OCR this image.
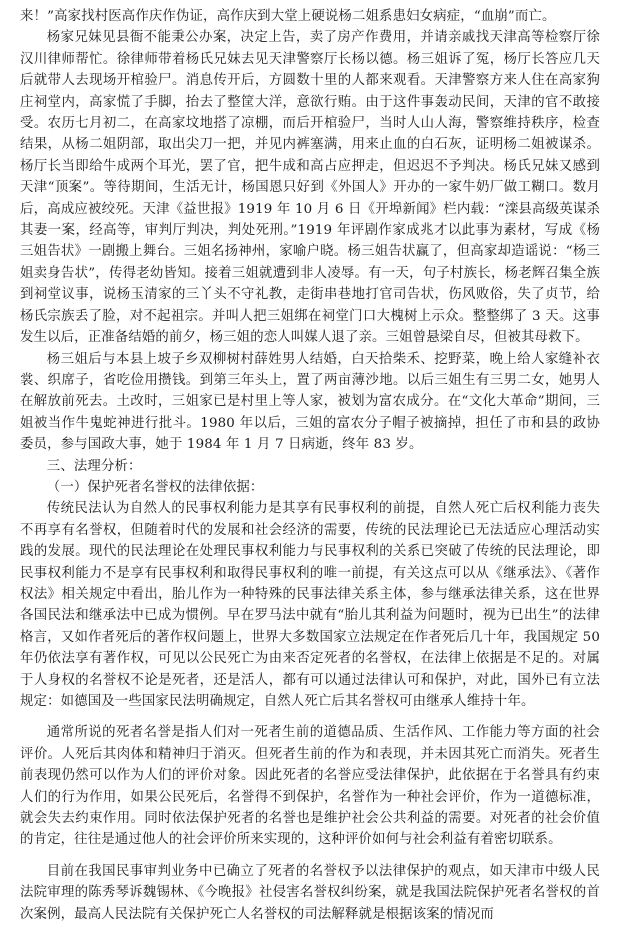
来！”高家找村医高作庆作伪证，高作庆到大堂上硬说杨二姐系患妇女病症，“血崩”而亡。

杨家兄妹见县衙不能秉公办案，决定上告，卖了房产作费用，并请亲戚找天津高等检察厅徐汉川律师帮忙。徐律师带着杨氏兄妹去见天津警察厅长杨以德。杨三姐诉了冤，杨厅长答应几天后就带人去现场开棺验尸。消息传开后，方圆数十里的人都来观看。天津警察方来人住在高家狗庄祠堂内，高家慌了手脚，抬去了整筐大洋，意欲行贿。由于这件事轰动民间，天津的官不敢接受。农历七月初二，在高家坟地搭了凉棚，而后开棺验尸，当时人山人海，警察维持秩序，检查结果，从杨二姐阴部，取出尖刀一把，并见内裤塞满，用来止血的白石灰，证明杨二姐被谋杀。杨厅长当即给牛成两个耳光，罢了官，把牛成和高占应押走，但迟迟不予判决。杨氏兄妹又感到天津“顶案”。等待期间，生活无计，杨国恩只好到《外国人》开办的一家牛奶厂做工糊口。数月后，高成应被绞死。天津《益世报》1919 年 10 月 6 日《开埠新闻》栏内载：“滦县高级英谋杀其妻一案，经高等，审判厅判决，判处死刑。”1919 年评剧作家成兆才以此事为素材，写成《杨三姐告状》一剧搬上舞台。三姐名扬神州，家喻户晓。杨三姐告状赢了，但高家却造谣说：“杨三姐卖身告状”，传得老幼皆知。接着三姐就遭到非人凌辱。有一天，句子村族长，杨老辉召集全族到祠堂议事，说杨玉清家的三丫头不守礼教，走街串巷地打官司告状，伤风败俗，失了贞节，给杨氏宗族丢了脸，对不起祖宗。并叫人把三姐绑在祠堂门口大槐树上示众。整整绑了 3 天。这事发生以后，正准备结婚的前夕，杨三姐的恋人叫媒人退了亲。三姐曾悬梁自尽，但被其母救下。

杨三姐后与本县上坡子乡双柳树村薛姓男人结婚，白天拾柴禾、挖野菜，晚上给人家缝补衣裳、织席子，省吃俭用攒钱。到第三年头上，置了两亩薄沙地。以后三姐生有三男二女，她男人在解放前死去。土改时，三姐家已是村里上等人家，被划为富农成分。在“文化大革命”期间，三姐被当作牛鬼蛇神进行批斗。1980 年以后，三姐的富农分子帽子被摘掉，担任了市和县的政协委员，参与国政大事，她于 1984 年 1 月 7 日病逝，终年 83 岁。

三、法理分析：

（一）保护死者名誉权的法律依据：

传统民法认为自然人的民事权利能力是其享有民事权利的前提，自然人死亡后权利能力丧失不再享有名誉权，但随着时代的发展和社会经济的需要，传统的民法理论已无法适应心理活动实践的发展。现代的民法理论在处理民事权利能力与民事权利的关系已突破了传统的民法理论，即民事权利能力不是享有民事权利和取得民事权利的唯一前提，有关这点可以从《继承法》、《著作权法》相关规定中看出，胎儿作为一种特殊的民事法律关系主体，参与继承法律关系，这在世界各国民法和继承法中已成为惯例。早在罗马法中就有“胎儿其利益为问题时，视为已出生”的法律格言，又如作者死后的著作权问题上，世界大多数国家立法规定在作者死后几十年，我国规定 50 年仍依法享有著作权，可见以公民死亡为由来否定死者的名誉权，在法律上依据是不足的。对属于人身权的名誉权不论是死者，还是活人，都有可以通过法律认可和保护，对此，国外已有立法规定：如德国及一些国家民法明确规定，自然人死亡后其名誉权可由继承人维持十年。

通常所说的死者名誉是指人们对一死者生前的道德品质、生活作风、工作能力等方面的社会评价。人死后其肉体和精神归于消灭。但死者生前的作为和表现，并未因其死亡而消失。死者生前表现仍然可以作为人们的评价对象。因此死者的名誉应受法律保护，此依据在于名誉具有约束人们的行为作用，如果公民死后，名誉得不到保护，名誉作为一种社会评价，作为一道德标准，就会失去约束作用。同时依法保护死者的名誉也是维护社会公共利益的需要。对死者的社会价值的肯定，往往是通过他人的社会评价所来实现的，这种评价如何与社会利益有着密切联系。

目前在我国民事审判业务中已确立了死者的名誉权予以法律保护的观点，如天津市中级人民法院审理的陈秀琴诉魏锡林、《今晚报》社侵害名誉权纠纷案，就是我国法院保护死者名誉权的首次案例，最高人民法院有关保护死亡人名誉权的司法解释就是根据该案的情况而
